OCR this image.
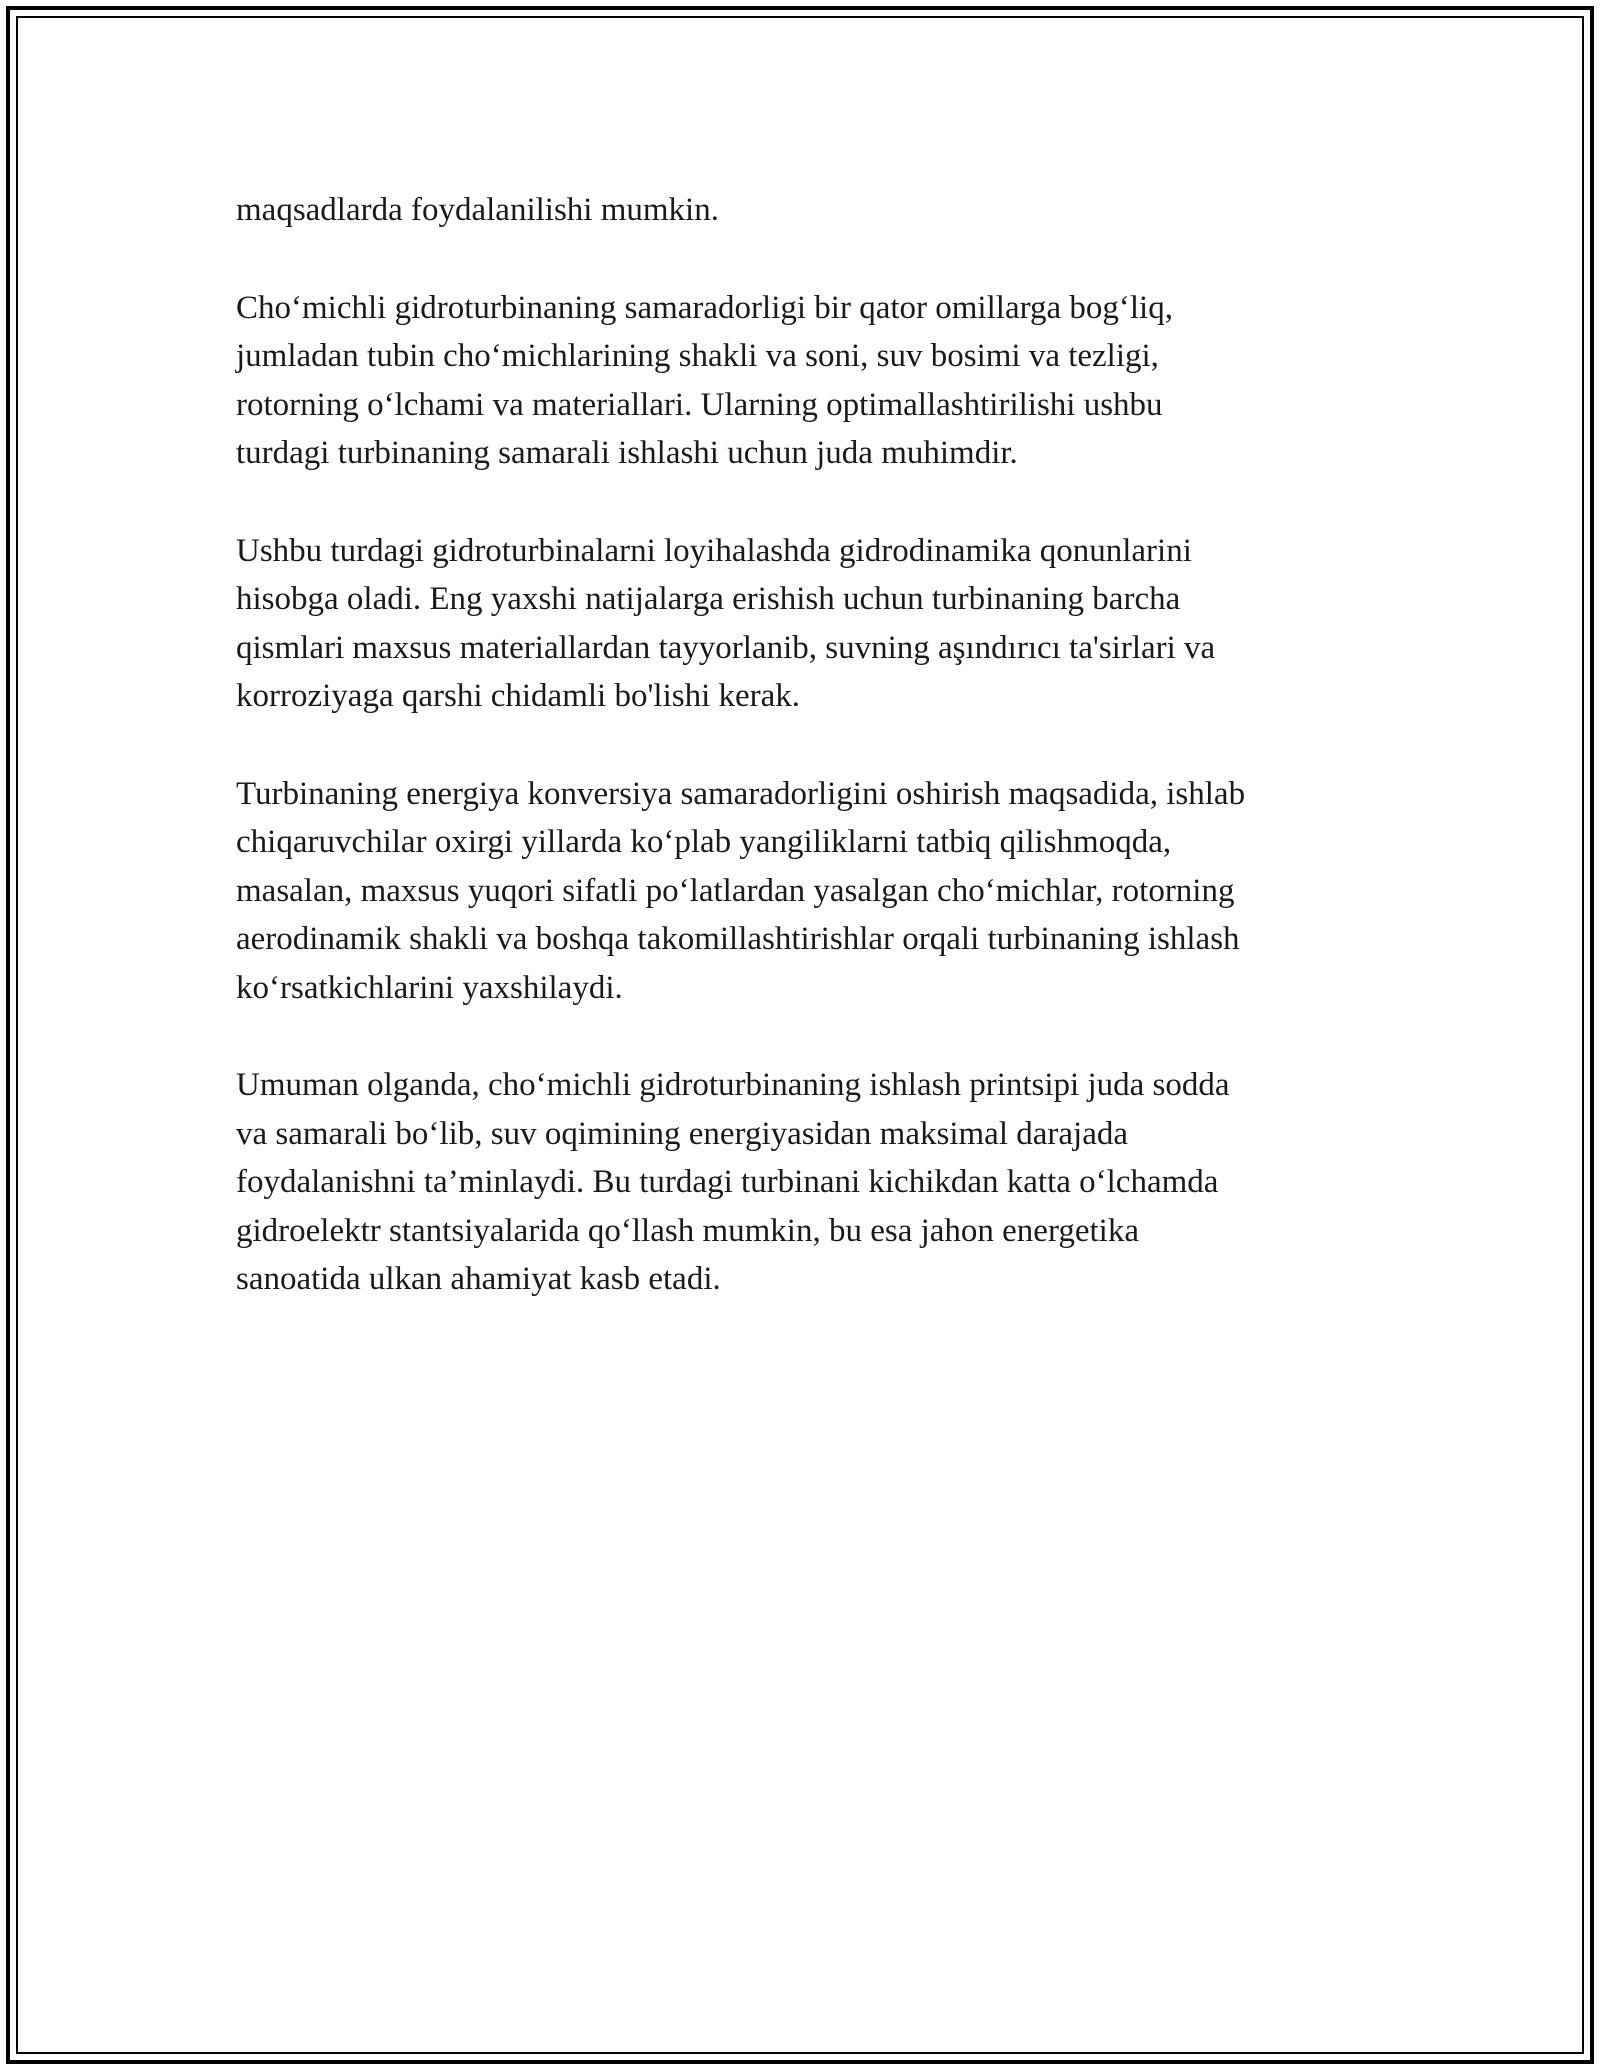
maqsadlarda foydalanilishi mumkin.

Cho‘michli gidroturbinaning samaradorligi bir qator omillarga bog‘liq,
jumladan tubin cho‘michlarining shakli va soni, suv bosimi va tezligi,
rotorning o‘lchami va materiallari. Ularning optimallashtirilishi ushbu
turdagi turbinaning samarali ishlashi uchun juda muhimdir.

Ushbu turdagi gidroturbinalarni loyihalashda gidrodinamika qonunlarini
hisobga oladi. Eng yaxshi natijalarga erishish uchun turbinaning barcha
qismlari maxsus materiallardan tayyorlanib, suvning aşındırıcı ta'sirlari va
korroziyaga qarshi chidamli bo'lishi kerak.

Turbinaning energiya konversiya samaradorligini oshirish maqsadida, ishlab
chiqaruvchilar oxirgi yillarda ko‘plab yangiliklarni tatbiq qilishmoqda,
masalan, maxsus yuqori sifatli po‘latlardan yasalgan cho‘michlar, rotorning
aerodinamik shakli va boshqa takomillashtirishlar orqali turbinaning ishlash
ko‘rsatkichlarini yaxshilaydi.

Umuman olganda, cho‘michli gidroturbinaning ishlash printsipi juda sodda
va samarali bo‘lib, suv oqimining energiyasidan maksimal darajada
foydalanishni ta’minlaydi. Bu turdagi turbinani kichikdan katta o‘lchamda
gidroelektr stantsiyalarida qo‘llash mumkin, bu esa jahon energetika
sanoatida ulkan ahamiyat kasb etadi.
